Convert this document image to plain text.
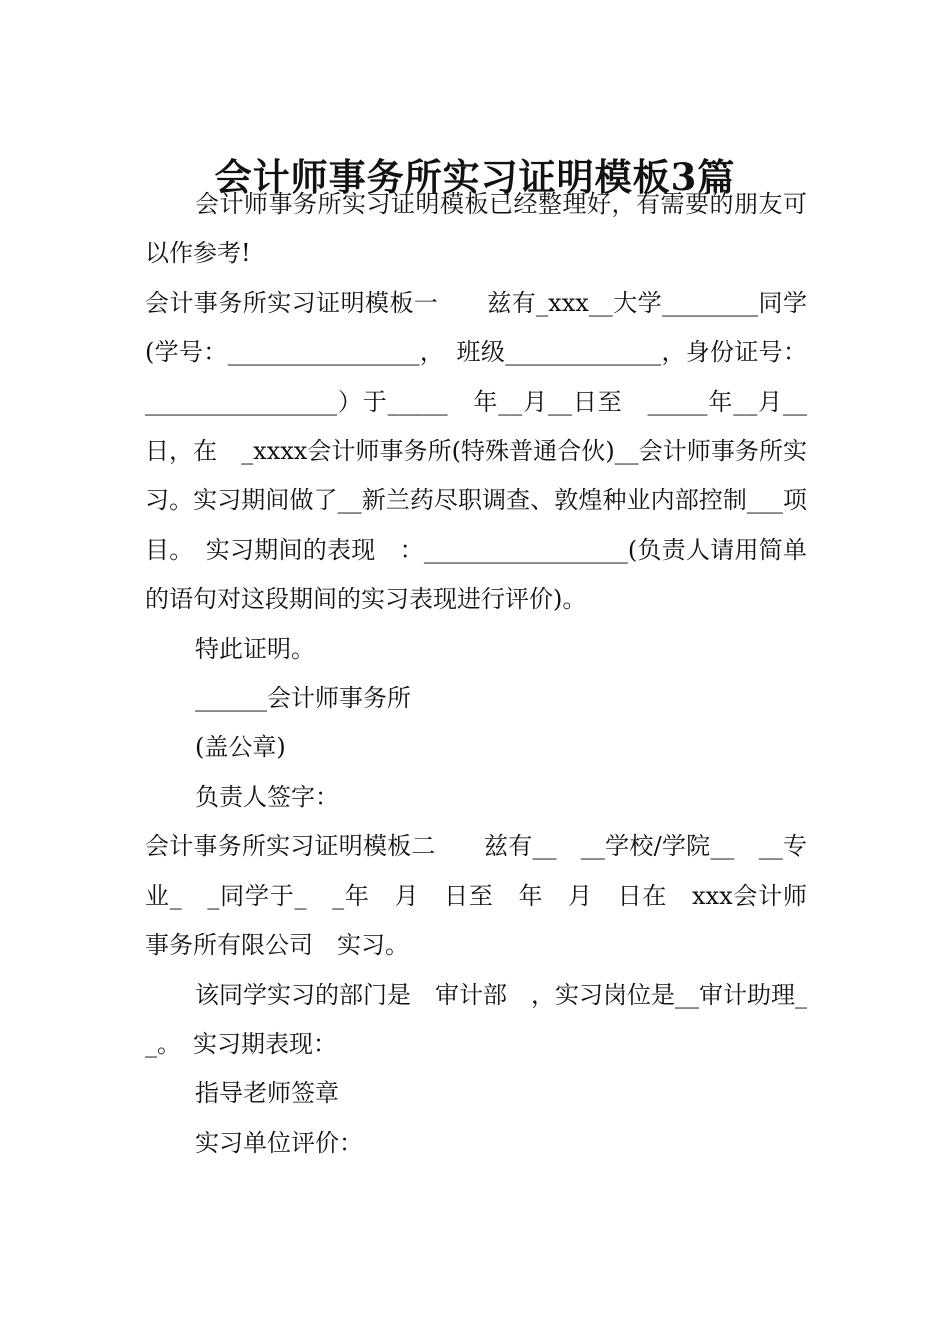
会计师事务所实习证明模板3篇

会计师事务所实习证明模板已经整理好，有需要的朋友可以作参考!

会计事务所实习证明模板一　　兹有_xxx__大学________同学(学号：________________，　班级_____________，身份证号：________________）于_____　年__月__日至　_____年__月__　日，在　_xxxx会计师事务所(特殊普通合伙)__会计师事务所实习。实习期间做了__新兰药尽职调查、敦煌种业内部控制___项目。　实习期间的表现　：_________________(负责人请用简单的语句对这段期间的实习表现进行评价)。

特此证明。

______会计师事务所

(盖公章)

负责人签字：

会计事务所实习证明模板二　　兹有__　__学校/学院__　__专业_　_同学于_　_年　月　日至　年　月　日在　xxx会计师事务所有限公司　实习。

该同学实习的部门是　审计部　，实习岗位是__审计助理__。　实习期表现：

指导老师签章

实习单位评价：
